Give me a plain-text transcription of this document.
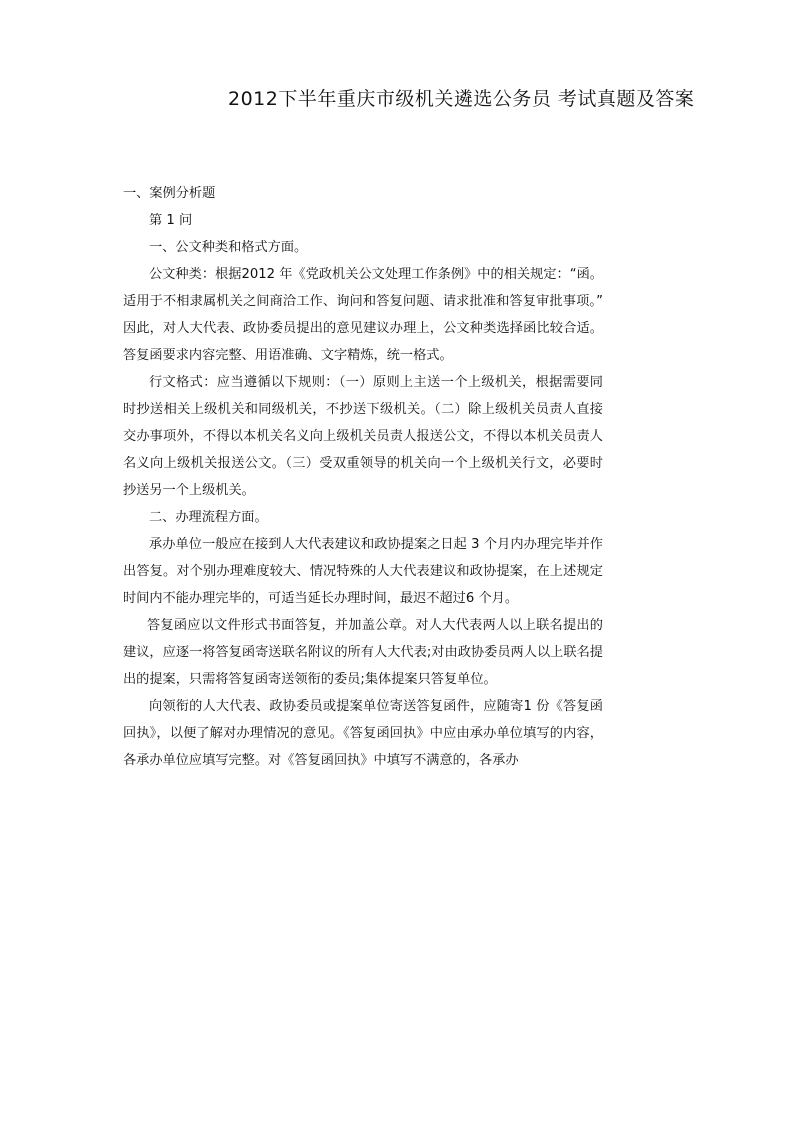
2012下半年重庆市级机关遴选公务员 考试真题及答案

一、案例分析题

第 1 问

一、公文种类和格式方面。

公文种类：根据2012 年《党政机关公文处理工作条例》中的相关规定：“函。适用于不相隶属机关之间商洽工作、询问和答复问题、请求批准和答复审批事项。” 因此，对人大代表、政协委员提出的意见建议办理上，公文种类选择函比较合适。答复函要求内容完整、用语准确、文字精炼，统一格式。

行文格式：应当遵循以下规则：（一）原则上主送一个上级机关，根据需要同时抄送相关上级机关和同级机关，不抄送下级机关。（二）除上级机关员责人直接交办事项外，不得以本机关名义向上级机关员责人报送公文，不得以本机关员责人名义向上级机关报送公文。（三）受双重领导的机关向一个上级机关行文，必要时抄送另一个上级机关。

二、办理流程方面。

承办单位一般应在接到人大代表建议和政协提案之日起 3 个月内办理完毕并作出答复。对个别办理难度较大、情况特殊的人大代表建议和政协提案，在上述规定时间内不能办理完毕的，可适当延长办理时间，最迟不超过6 个月。

答复函应以文件形式书面答复，并加盖公章。对人大代表两人以上联名提出的建议，应逐一将答复函寄送联名附议的所有人大代表;对由政协委员两人以上联名提出的提案，只需将答复函寄送领衔的委员;集体提案只答复单位。

向领衔的人大代表、政协委员或提案单位寄送答复函件，应随寄1 份《答复函回执》，以便了解对办理情况的意见。《答复函回执》中应由承办单位填写的内容，各承办单位应填写完整。对《答复函回执》中填写不满意的，各承办
